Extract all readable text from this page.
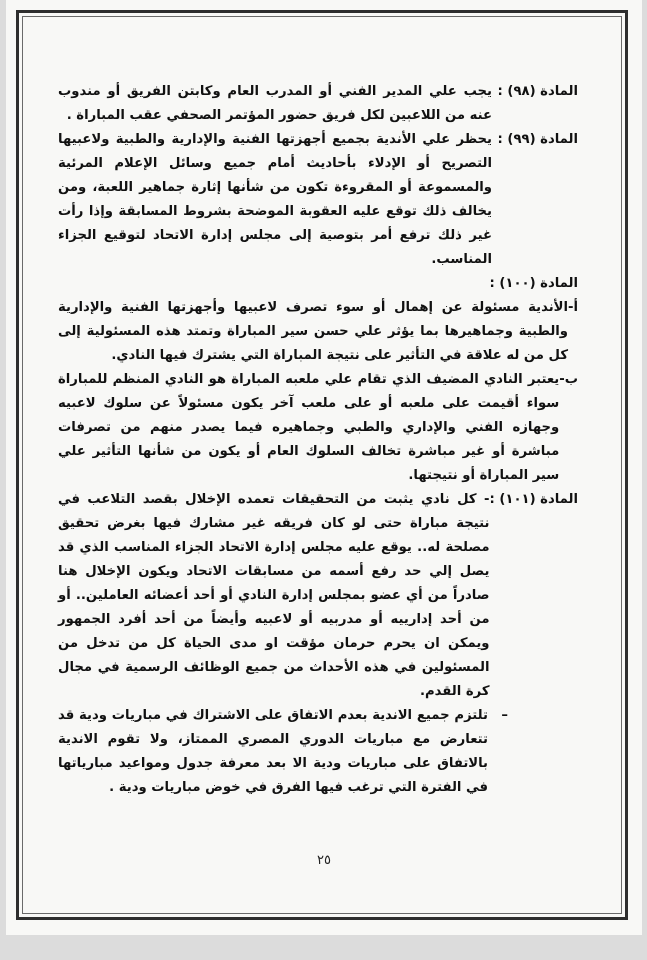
المادة (٩٨) :

يجب علي المدير الفني أو المدرب العام وكابتن الفريق أو مندوب عنه من اللاعبين لكل فريق حضور المؤتمر الصحفي عقب المباراة .

المادة (٩٩) :

يحظر علي الأندية بجميع أجهزتها الفنية والإدارية والطبية ولاعبيها التصريح أو الإدلاء بأحاديث أمام جميع وسائل الإعلام المرئية والمسموعة أو المقروءة تكون من شأنها إثارة جماهير اللعبة، ومن يخالف ذلك توقع عليه العقوبة الموضحة بشروط المسابقة وإذا رأت غير ذلك ترفع أمر بتوصية إلى مجلس إدارة الاتحاد لتوقيع الجزاء المناسب.

المادة (١٠٠) :
أ-
الأندية مسئولة عن إهمال أو سوء تصرف لاعبيها وأجهزتها الفنية والإدارية والطبية وجماهيرها بما يؤثر علي حسن سير المباراة وتمتد هذه المسئولية إلى كل من له علاقة في التأثير على نتيجة المباراة التي يشترك فيها النادي.
ب-
يعتبر النادي المضيف الذي تقام علي ملعبه المباراة هو النادي المنظم للمباراة سواء أقيمت على ملعبه أو على ملعب آخر يكون مسئولاً عن سلوك لاعبيه وجهازه الفني والإداري والطبي وجماهيره فيما يصدر منهم من تصرفات مباشرة أو غير مباشرة تخالف السلوك العام أو يكون من شأنها التأثير علي سير المباراة أو نتيجتها.
المادة (١٠١) :

- كل نادي يثبت من التحقيقات تعمده الإخلال بقصد التلاعب في نتيجة مباراة حتى لو كان فريقه غير مشارك فيها بغرض تحقيق مصلحة له.. يوقع عليه مجلس إدارة الاتحاد الجزاء المناسب الذي قد يصل إلي حد رفع أسمه من مسابقات الاتحاد ويكون الإخلال هنا صادراً من أي عضو بمجلس إدارة النادي أو أحد أعضائه العاملين.. أو من أحد إدارييه أو مدربيه أو لاعبيه وأيضاً من أحد أفرد الجمهور ويمكن ان يحرم حرمان مؤقت او مدى الحياة كل من تدخل من المسئولين في هذه الأحداث من جميع الوظائف الرسمية في مجال كرة القدم.

–
تلتزم جميع الاندية بعدم الاتفاق على الاشتراك في مباريات ودية قد تتعارض مع مباريات الدوري المصري الممتاز، ولا تقوم الاندية بالاتفاق على مباريات ودية الا بعد معرفة جدول ومواعيد مبارياتها في الفترة التي ترغب فيها الفرق في خوض مباريات ودية .
٢٥
